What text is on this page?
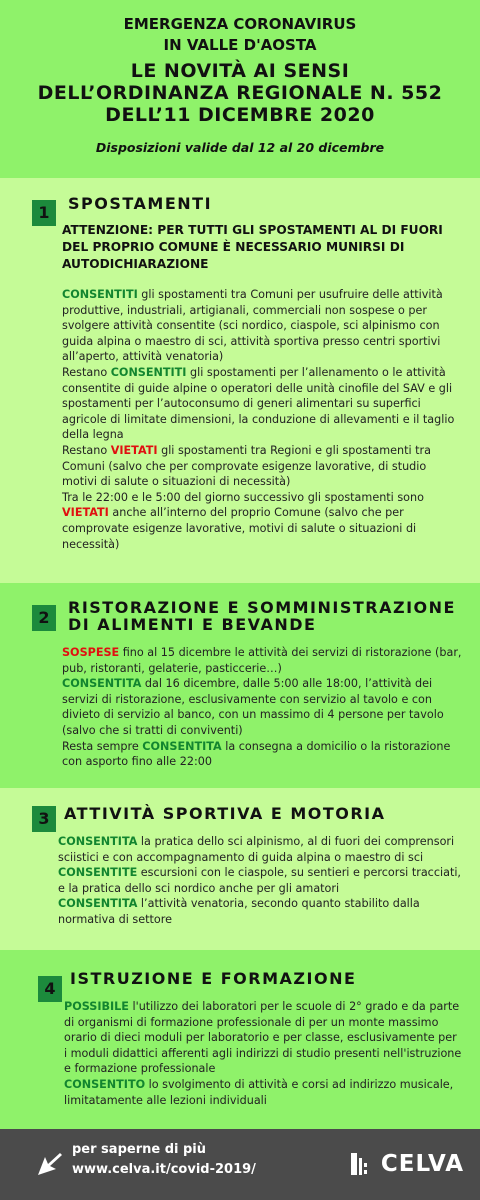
EMERGENZA CORONAVIRUS
IN VALLE D'AOSTA
LE NOVITÀ AI SENSI
DELL’ORDINANZA REGIONALE N. 552
DELL’11 DICEMBRE 2020
Disposizioni valide dal 12 al 20 dicembre
1	SPOSTAMENTI
ATTENZIONE: PER TUTTI GLI SPOSTAMENTI AL DI FUORI DEL PROPRIO COMUNE È NECESSARIO MUNIRSI DI AUTODICHIARAZIONE
CONSENTITI gli spostamenti tra Comuni per usufruire delle attività produttive, industriali, artigianali, commerciali non sospese o per svolgere attività consentite (sci nordico, ciaspole, sci alpinismo con guida alpina o maestro di sci, attività sportiva presso centri sportivi all’aperto, attività venatoria)
Restano CONSENTITI gli spostamenti per l’allenamento o le attività consentite di guide alpine o operatori delle unità cinofile del SAV e gli spostamenti per l’autoconsumo di generi alimentari su superfici agricole di limitate dimensioni, la conduzione di allevamenti e il taglio della legna
Restano VIETATI gli spostamenti tra Regioni e gli spostamenti tra Comuni (salvo che per comprovate esigenze lavorative, di studio motivi di salute o situazioni di necessità)
Tra le 22:00 e le 5:00 del giorno successivo gli spostamenti sono VIETATI anche all’interno del proprio Comune (salvo che per comprovate esigenze lavorative, motivi di salute o situazioni di necessità)
2
RISTORAZIONE E SOMMINISTRAZIONE
DI ALIMENTI E BEVANDE
SOSPESE fino al 15 dicembre le attività dei servizi di ristorazione (bar, pub, ristoranti, gelaterie, pasticcerie…)
CONSENTITA dal 16 dicembre, dalle 5:00 alle 18:00, l’attività dei servizi di ristorazione, esclusivamente con servizio al tavolo e con divieto di servizio al banco, con un massimo di 4 persone per tavolo (salvo che si tratti di conviventi)
Resta sempre CONSENTITA la consegna a domicilio o la ristorazione con asporto fino alle 22:00
3 ATTIVITÀ SPORTIVA E MOTORIA
CONSENTITA la pratica dello sci alpinismo, al di fuori dei comprensori sciistici e con accompagnamento di guida alpina o maestro di sci
CONSENTITE escursioni con le ciaspole, su sentieri e percorsi tracciati, e la pratica dello sci nordico anche per gli amatori
CONSENTITA l’attività venatoria, secondo quanto stabilito dalla normativa di settore
4
ISTRUZIONE E FORMAZIONE
POSSIBILE l'utilizzo dei laboratori per le scuole di 2° grado e da parte di organismi di formazione professionale di per un monte massimo orario di dieci moduli per laboratorio e per classe, esclusivamente per i moduli didattici afferenti agli indirizzi di studio presenti nell'istruzione e formazione professionale
CONSENTITO lo svolgimento di attività e corsi ad indirizzo musicale, limitatamente alle lezioni individuali
per saperne di più
www.celva.it/covid-2019/	CELVA
